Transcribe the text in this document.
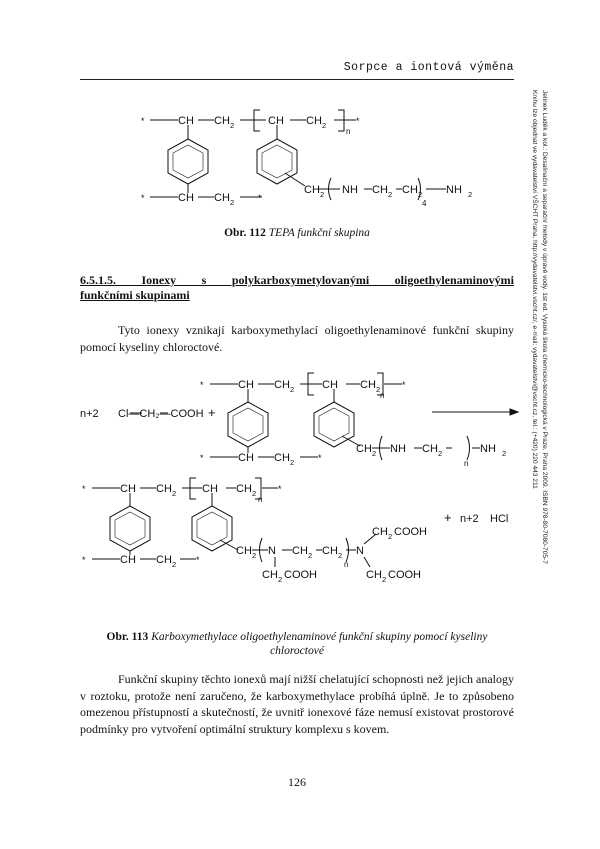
Sorpce a iontová výměna
Jelínek Luděk a kol.: Desalinační a separační metody v úpravě vody. 1st ed. Vysoká škola chemicko-technologická v Praze, Praha 2009. ISBN 978-80-7080-705-7
Knihu lze objednat ve vydavatelství VŠCHT Praha, http://vydavatelstvi.vscht.cz/, e-mail: vydavatelstvi@vscht.cz, tel.: (+420) 220 443 211
*	CH CH 2	CH CH 2
n
*
*	CH CH 2	*
CH 2 NH CH 2 CH 2
4
NH 2
*	CH CH 2	CH CH 2
n
*
n+2 Cl—CH₂—COOH +
*	CH CH 2	*
CH 2 NH CH 2
n
NH 2
*	CH CH 2 CH CH 2
n
*
*	CH CH 2 *
CH 2 N CH 2 CH 2
n
N
CH 2 COOH
CH 2 COOH
CH 2 COOH
+ n+2 HCl
Obr. 112 TEPA funkční skupina
6.5.1.5. Ionexy s polykarboxymetylovanými oligoethylenaminovými
funkčními skupinami
Tyto ionexy vznikají karboxymethylací oligoethylenaminové funkční skupiny pomocí kyseliny chloroctové.
Obr. 113 Karboxymethylace oligoethylenaminové funkční skupiny pomocí kyseliny chloroctové
Funkční skupiny těchto ionexů mají nižší chelatující schopnosti než jejich analogy v roztoku, protože není zaručeno, že karboxymethylace probíhá úplně. Je to způsobeno omezenou přístupností a skutečností, že uvnitř ionexové fáze nemusí existovat prostorové podmínky pro vytvoření optimální struktury komplexu s kovem.
126
